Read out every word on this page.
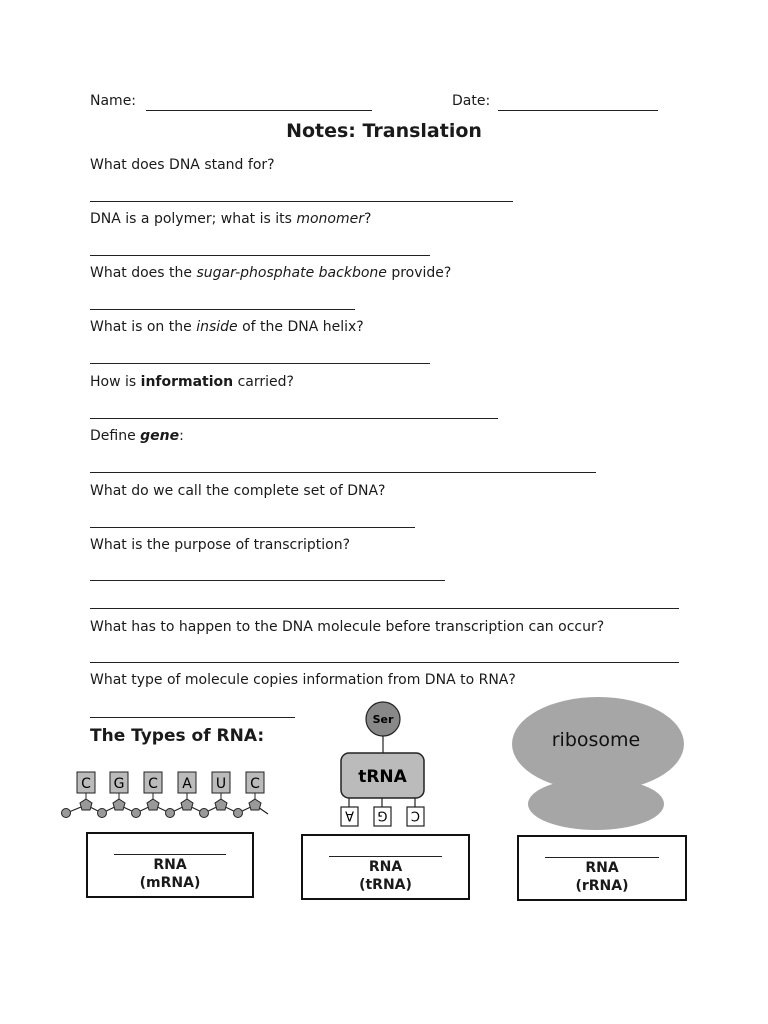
Name:	Date:
Notes: Translation
What does DNA stand for?
DNA is a polymer; what is its monomer?
What does the sugar-phosphate backbone provide?
What is on the inside of the DNA helix?
How is information carried?
Define gene:
What do we call the complete set of DNA?
What is the purpose of transcription?
What has to happen to the DNA molecule before transcription can occur?
What type of molecule copies information from DNA to RNA?
The Types of RNA:
C G C A U C
Ser
tRNA
A G C
ribosome
RNA
(mRNA)
RNA
(tRNA)
RNA
(rRNA)
